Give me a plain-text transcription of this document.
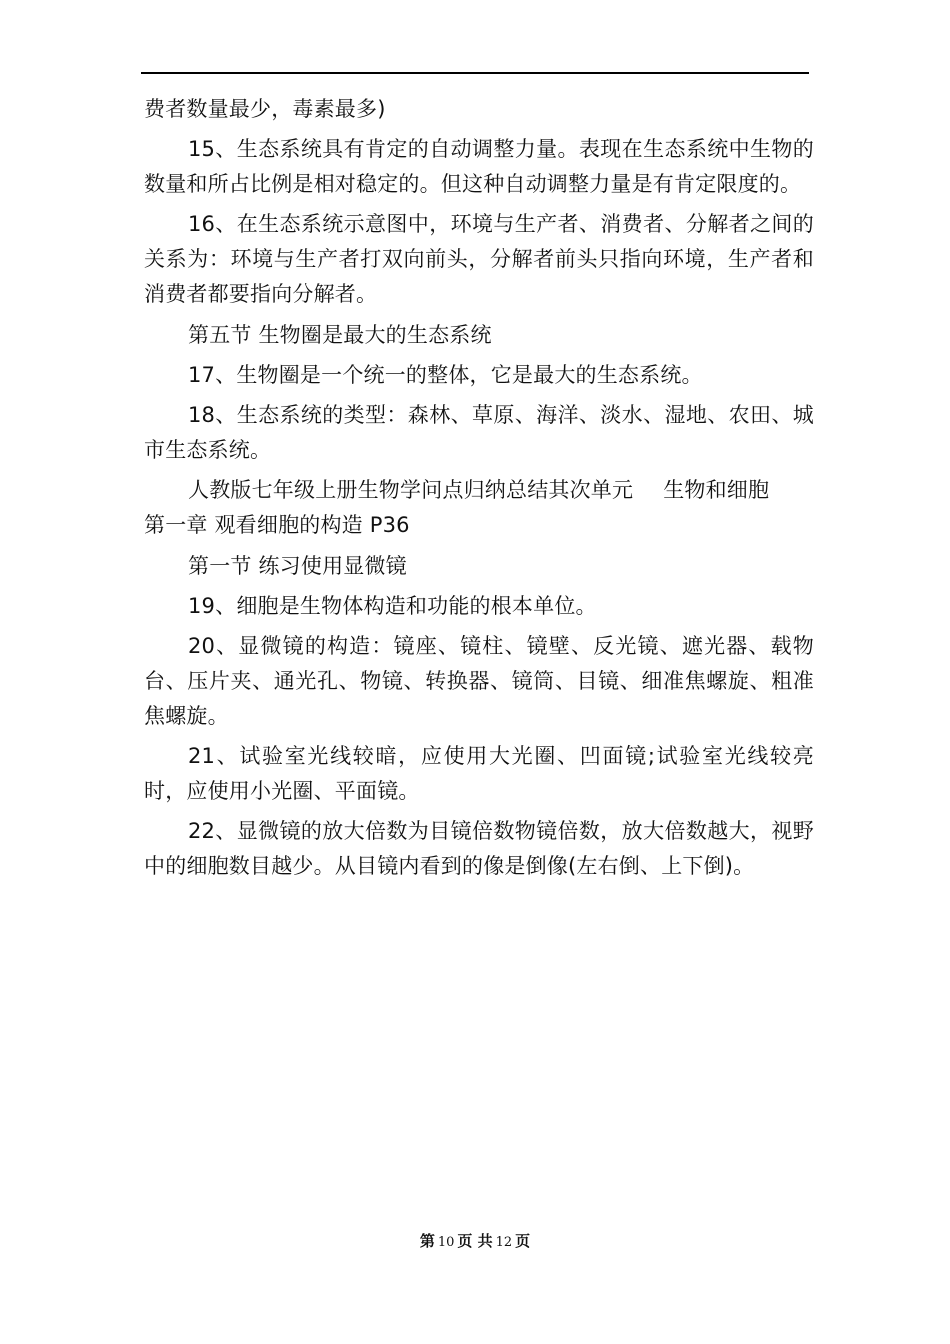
费者数量最少，毒素最多)

15、生态系统具有肯定的自动调整力量。表现在生态系统中生物的数量和所占比例是相对稳定的。但这种自动调整力量是有肯定限度的。

16、在生态系统示意图中，环境与生产者、消费者、分解者之间的关系为：环境与生产者打双向前头，分解者前头只指向环境，生产者和消费者都要指向分解者。

第五节 生物圈是最大的生态系统

17、生物圈是一个统一的整体，它是最大的生态系统。

18、生态系统的类型：森林、草原、海洋、淡水、湿地、农田、城市生态系统。

人教版七年级上册生物学问点归纳总结其次单元 生物和细胞
第一章 观看细胞的构造 P36

第一节 练习使用显微镜

19、细胞是生物体构造和功能的根本单位。

20、显微镜的构造：镜座、镜柱、镜壁、反光镜、遮光器、载物台、压片夹、通光孔、物镜、转换器、镜筒、目镜、细准焦螺旋、粗准焦螺旋。

21、试验室光线较暗，应使用大光圈、凹面镜;试验室光线较亮时，应使用小光圈、平面镜。

22、显微镜的放大倍数为目镜倍数物镜倍数，放大倍数越大，视野中的细胞数目越少。从目镜内看到的像是倒像(左右倒、上下倒)。

第 10 页 共 12 页
